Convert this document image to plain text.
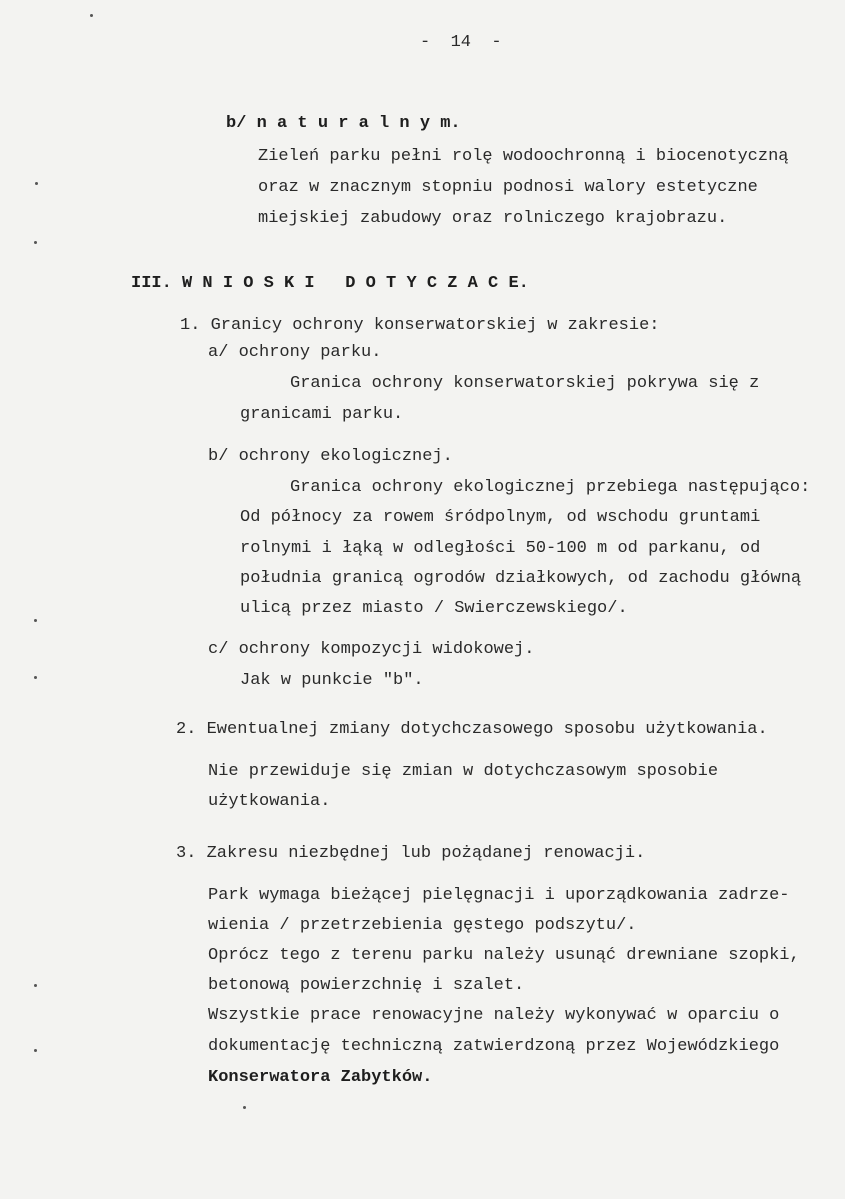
-  14  -
b/ n a t u r a l n y m.
Zieleń parku pełni rolę wodoochronną i biocenotyczną
oraz w znacznym stopniu podnosi walory estetyczne
miejskiej zabudowy oraz rolniczego krajobrazu.
III. W N I O S K I   D O T Y C Z A C E.
1. Granicy ochrony konserwatorskiej w zakresie:
a/ ochrony parku.
Granica ochrony konserwatorskiej pokrywa się z
granicami parku.
b/ ochrony ekologicznej.
Granica ochrony ekologicznej przebiega następująco:
Od północy za rowem śródpolnym, od wschodu gruntami
rolnymi i łąką w odległości 50-100 m od parkanu, od
południa granicą ogrodów działkowych, od zachodu główną
ulicą przez miasto / Swierczewskiego/.
c/ ochrony kompozycji widokowej.
Jak w punkcie "b".
2. Ewentualnej zmiany dotychczasowego sposobu użytkowania.
Nie przewiduje się zmian w dotychczasowym sposobie
użytkowania.
3. Zakresu niezbędnej lub pożądanej renowacji.
Park wymaga bieżącej pielęgnacji i uporządkowania zadrze-
wienia / przetrzebienia gęstego podszytu/.
Oprócz tego z terenu parku należy usunąć drewniane szopki,
betonową powierzchnię i szalet.
Wszystkie prace renowacyjne należy wykonywać w oparciu o
dokumentację techniczną zatwierdzoną przez Wojewódzkiego
Konserwatora Zabytków.
